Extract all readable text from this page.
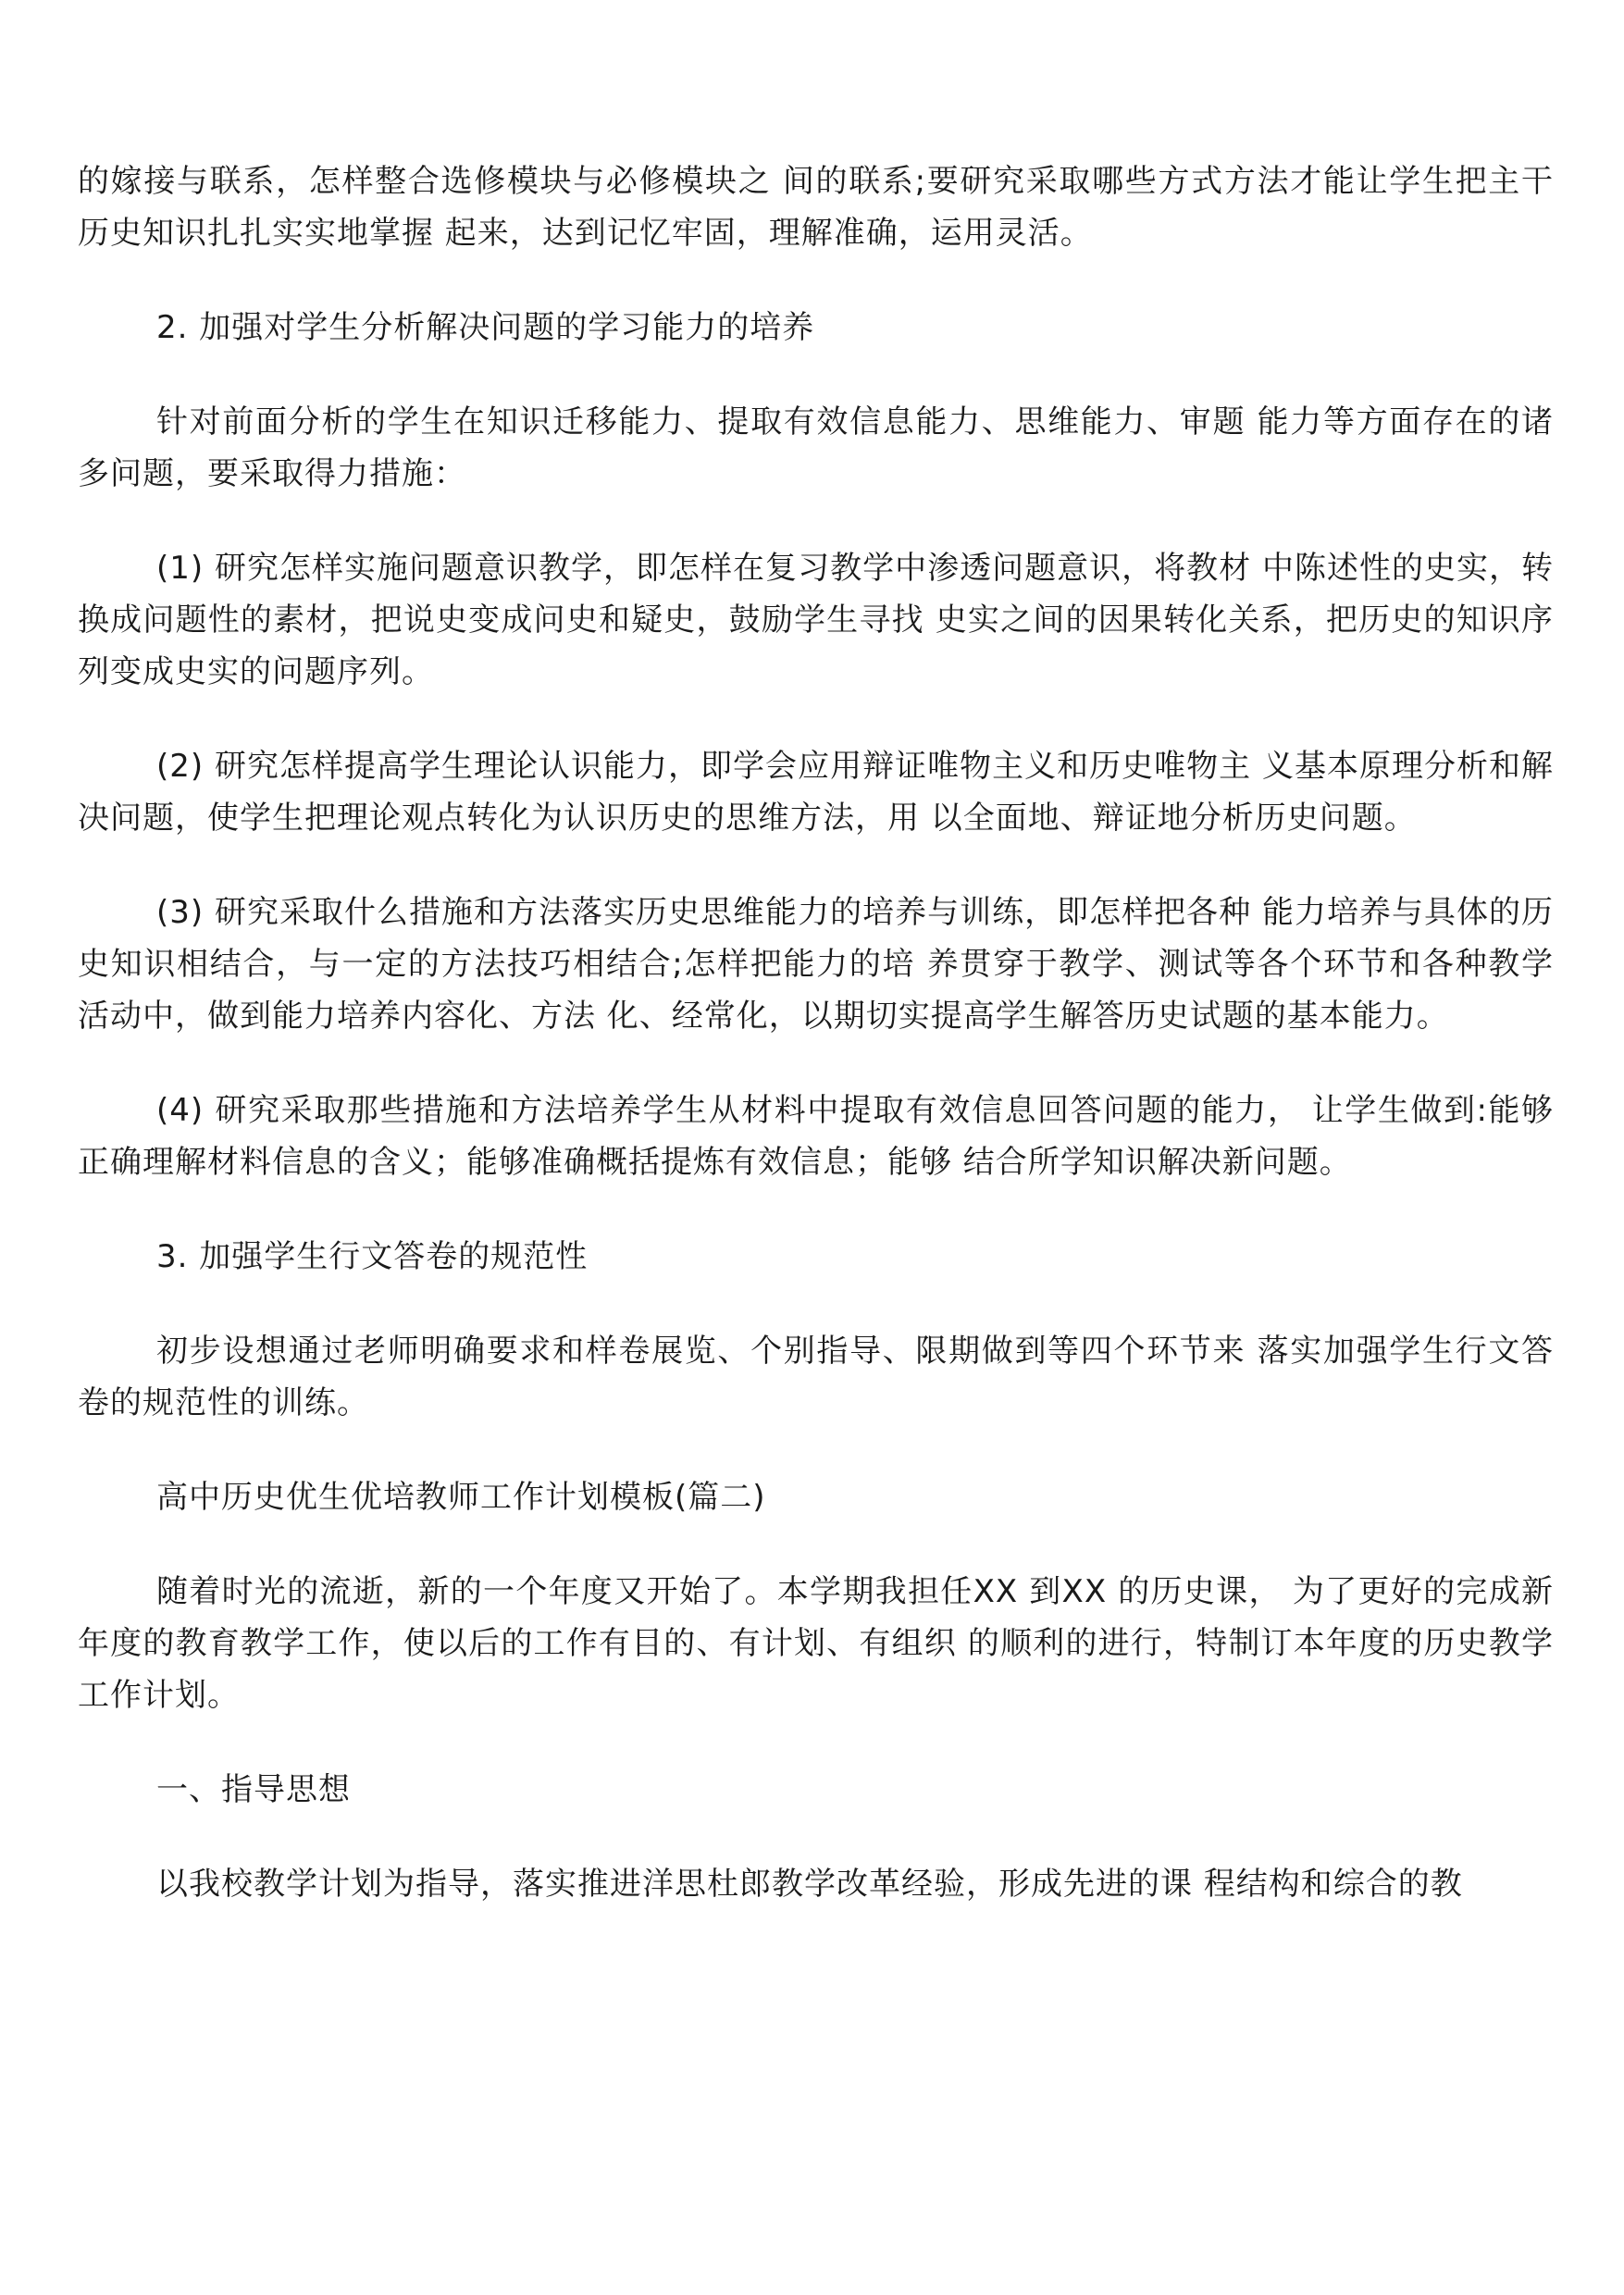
的嫁接与联系，怎样整合选修模块与必修模块之 间的联系;要研究采取哪些方式方法才能让学生把主干历史知识扎扎实实地掌握 起来，达到记忆牢固，理解准确，运用灵活。

2. 加强对学生分析解决问题的学习能力的培养

针对前面分析的学生在知识迁移能力、提取有效信息能力、思维能力、审题 能力等方面存在的诸多问题，要采取得力措施：

(1) 研究怎样实施问题意识教学，即怎样在复习教学中渗透问题意识，将教材 中陈述性的史实，转换成问题性的素材，把说史变成问史和疑史，鼓励学生寻找 史实之间的因果转化关系，把历史的知识序列变成史实的问题序列。

(2) 研究怎样提高学生理论认识能力，即学会应用辩证唯物主义和历史唯物主 义基本原理分析和解决问题，使学生把理论观点转化为认识历史的思维方法，用 以全面地、辩证地分析历史问题。

(3) 研究采取什么措施和方法落实历史思维能力的培养与训练，即怎样把各种 能力培养与具体的历史知识相结合，与一定的方法技巧相结合;怎样把能力的培 养贯穿于教学、测试等各个环节和各种教学活动中，做到能力培养内容化、方法 化、经常化，以期切实提高学生解答历史试题的基本能力。

(4) 研究采取那些措施和方法培养学生从材料中提取有效信息回答问题的能力， 让学生做到:能够正确理解材料信息的含义；能够准确概括提炼有效信息；能够 结合所学知识解决新问题。

3. 加强学生行文答卷的规范性

初步设想通过老师明确要求和样卷展览、个别指导、限期做到等四个环节来 落实加强学生行文答卷的规范性的训练。

高中历史优生优培教师工作计划模板(篇二)

随着时光的流逝，新的一个年度又开始了。本学期我担任XX 到XX 的历史课， 为了更好的完成新年度的教育教学工作，使以后的工作有目的、有计划、有组织 的顺利的进行，特制订本年度的历史教学工作计划。

一、指导思想

以我校教学计划为指导，落实推进洋思杜郎教学改革经验，形成先进的课 程结构和综合的教
